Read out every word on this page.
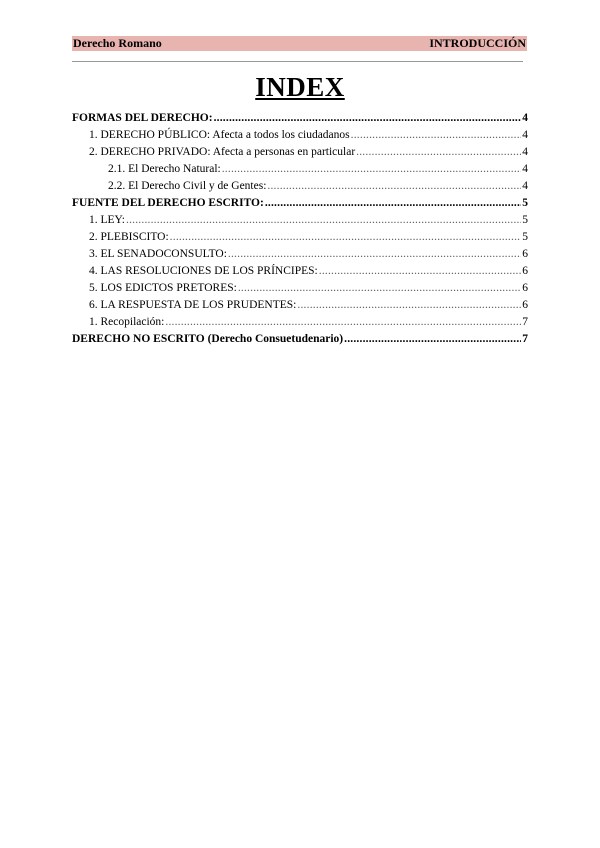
Derecho Romano	INTRODUCCIÓN
INDEX
FORMAS DEL DERECHO: .....	4
1. DERECHO PÚBLICO: Afecta a todos los ciudadanos .....	4
2. DERECHO PRIVADO: Afecta a personas en particular .....	4
2.1. El Derecho Natural: .....	4
2.2. El Derecho Civil y de Gentes: .....	4
FUENTE DEL DERECHO ESCRITO: .....	5
1. LEY: .....	5
2. PLEBISCITO: .....	5
3. EL SENADOCONSULTO: .....	6
4. LAS RESOLUCIONES DE LOS PRÍNCIPES: .....	6
5. LOS EDICTOS PRETORES: .....	6
6. LA RESPUESTA DE LOS PRUDENTES: .....	6
1. Recopilación: .....	7
DERECHO NO ESCRITO (Derecho Consuetudenario) .....	7
